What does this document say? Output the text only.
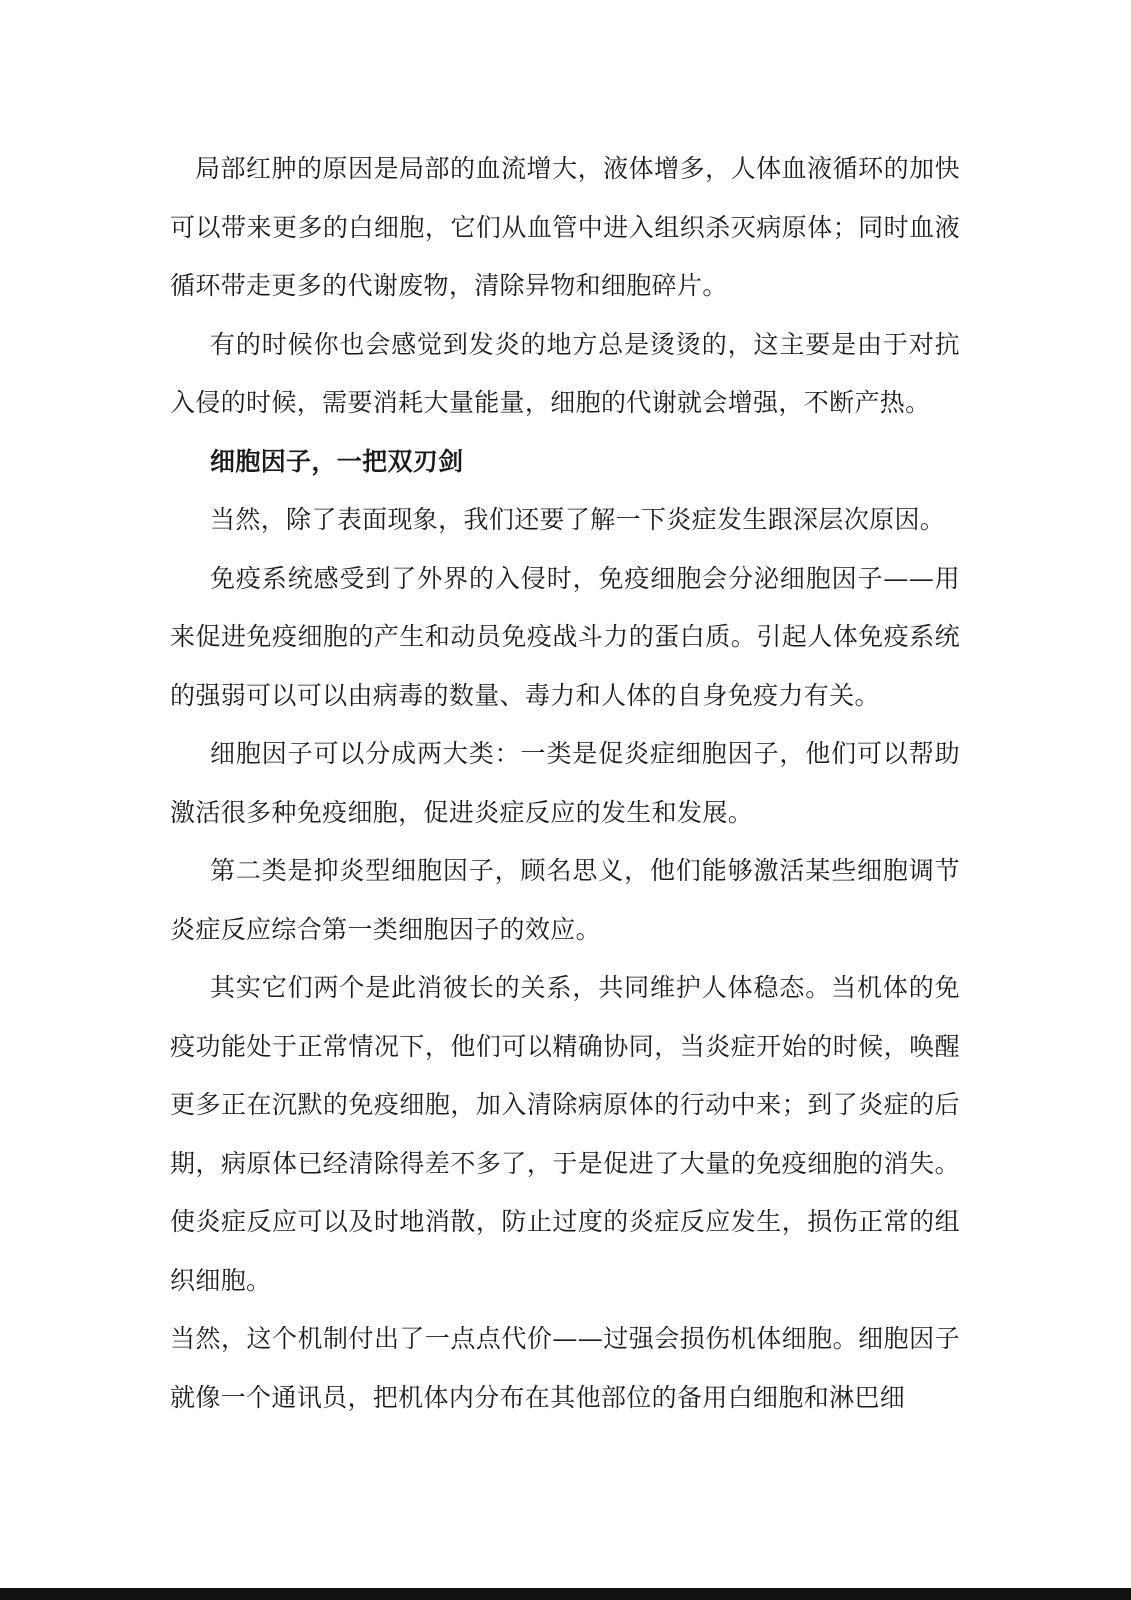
局部红肿的原因是局部的血流增大，液体增多，人体血液循环的加快可以带来更多的白细胞，它们从血管中进入组织杀灭病原体；同时血液循环带走更多的代谢废物，清除异物和细胞碎片。

有的时候你也会感觉到发炎的地方总是烫烫的，这主要是由于对抗入侵的时候，需要消耗大量能量，细胞的代谢就会增强，不断产热。

细胞因子，一把双刃剑

当然，除了表面现象，我们还要了解一下炎症发生跟深层次原因。

免疫系统感受到了外界的入侵时，免疫细胞会分泌细胞因子——用来促进免疫细胞的产生和动员免疫战斗力的蛋白质。引起人体免疫系统的强弱可以可以由病毒的数量、毒力和人体的自身免疫力有关。

细胞因子可以分成两大类：一类是促炎症细胞因子，他们可以帮助激活很多种免疫细胞，促进炎症反应的发生和发展。

第二类是抑炎型细胞因子，顾名思义，他们能够激活某些细胞调节炎症反应综合第一类细胞因子的效应。

其实它们两个是此消彼长的关系，共同维护人体稳态。当机体的免疫功能处于正常情况下，他们可以精确协同，当炎症开始的时候，唤醒更多正在沉默的免疫细胞，加入清除病原体的行动中来；到了炎症的后期，病原体已经清除得差不多了，于是促进了大量的免疫细胞的消失。使炎症反应可以及时地消散，防止过度的炎症反应发生，损伤正常的组织细胞。

当然，这个机制付出了一点点代价——过强会损伤机体细胞。细胞因子就像一个通讯员，把机体内分布在其他部位的备用白细胞和淋巴细
